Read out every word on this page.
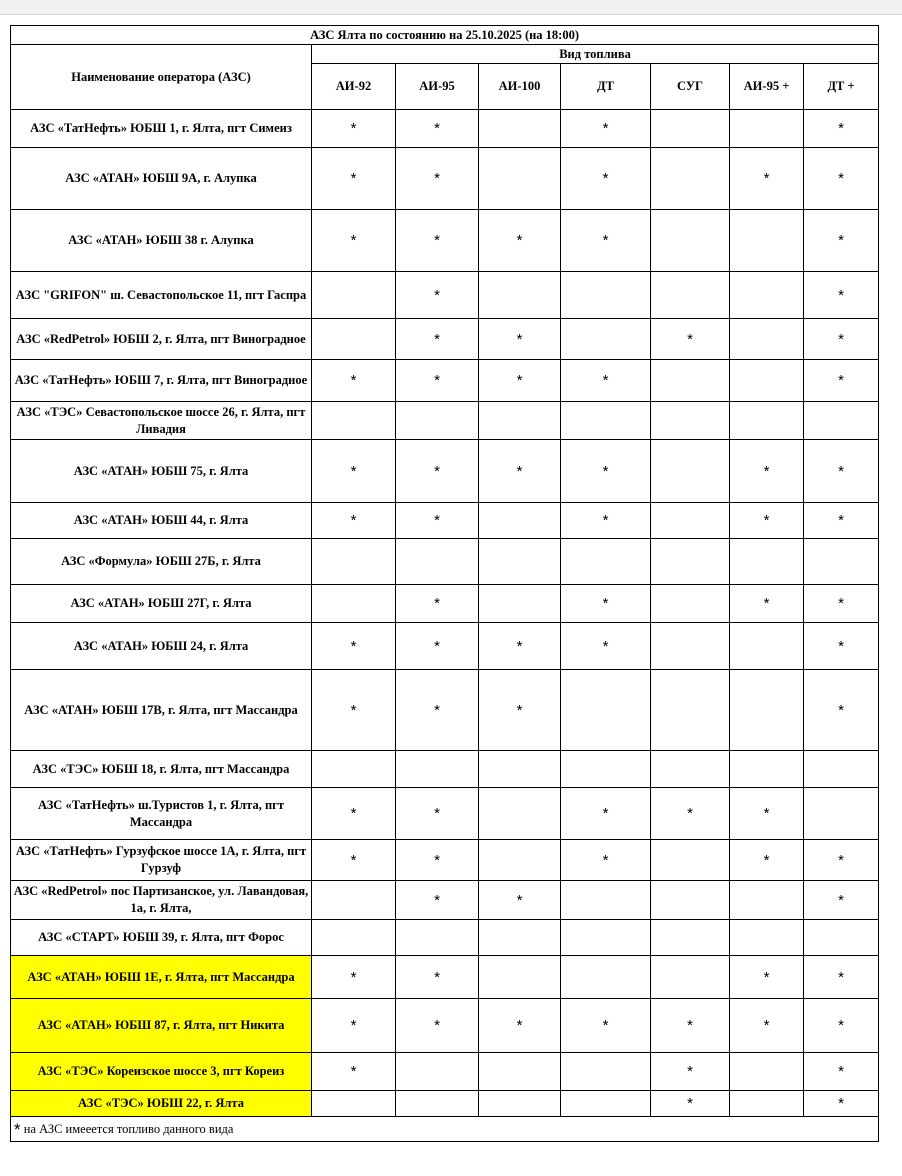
АЗС Ялта по состоянию на 25.10.2025 (на 18:00)							
Наименование оператора (АЗС)	Вид топлива						
	АИ-92	АИ-95	АИ-100	ДТ	СУГ	АИ-95 +	ДТ +
АЗС «ТатНефть» ЮБШ 1, г. Ялта, пгт Симеиз	*	*		*			*
АЗС «АТАН» ЮБШ 9А, г. Алупка	*	*		*		*	*
АЗС «АТАН» ЮБШ 38 г. Алупка	*	*	*	*			*
АЗС "GRIFON" ш. Севастопольское 11, пгт Гаспра		*					*
АЗС «RedPetrol» ЮБШ 2, г. Ялта, пгт Виноградное		*	*		*		*
АЗС «ТатНефть» ЮБШ 7, г. Ялта, пгт Виноградное	*	*	*	*			*
АЗС «ТЭС» Севастопольское шоссе 26, г. Ялта, пгт Ливадия							
АЗС «АТАН» ЮБШ 75, г. Ялта	*	*	*	*		*	*
АЗС «АТАН» ЮБШ 44, г. Ялта	*	*		*		*	*
АЗС «Формула» ЮБШ 27Б, г. Ялта							
АЗС «АТАН» ЮБШ 27Г, г. Ялта		*		*		*	*
АЗС «АТАН» ЮБШ 24, г. Ялта	*	*	*	*			*
АЗС «АТАН» ЮБШ 17В, г. Ялта, пгт Массандра	*	*	*				*
АЗС «ТЭС» ЮБШ 18, г. Ялта, пгт Массандра							
АЗС «ТатНефть» ш.Туристов 1, г. Ялта, пгт Массандра	*	*		*	*	*	
АЗС «ТатНефть» Гурзуфское шоссе 1А, г. Ялта, пгт Гурзуф	*	*		*		*	*
АЗС «RedPetrol» пос Партизанское, ул. Лавандовая, 1а, г. Ялта,		*	*				*
АЗС «СТАРТ» ЮБШ 39, г. Ялта, пгт Форос							
АЗС «АТАН» ЮБШ 1Е, г. Ялта, пгт Массандра	*	*				*	*
АЗС «АТАН» ЮБШ 87, г. Ялта, пгт Никита	*	*	*	*	*	*	*
АЗС «ТЭС» Кореизское шоссе 3, пгт Кореиз	*				*		*
АЗС «ТЭС» ЮБШ 22, г. Ялта					*		*
* на АЗС имееется топливо данного вида							
